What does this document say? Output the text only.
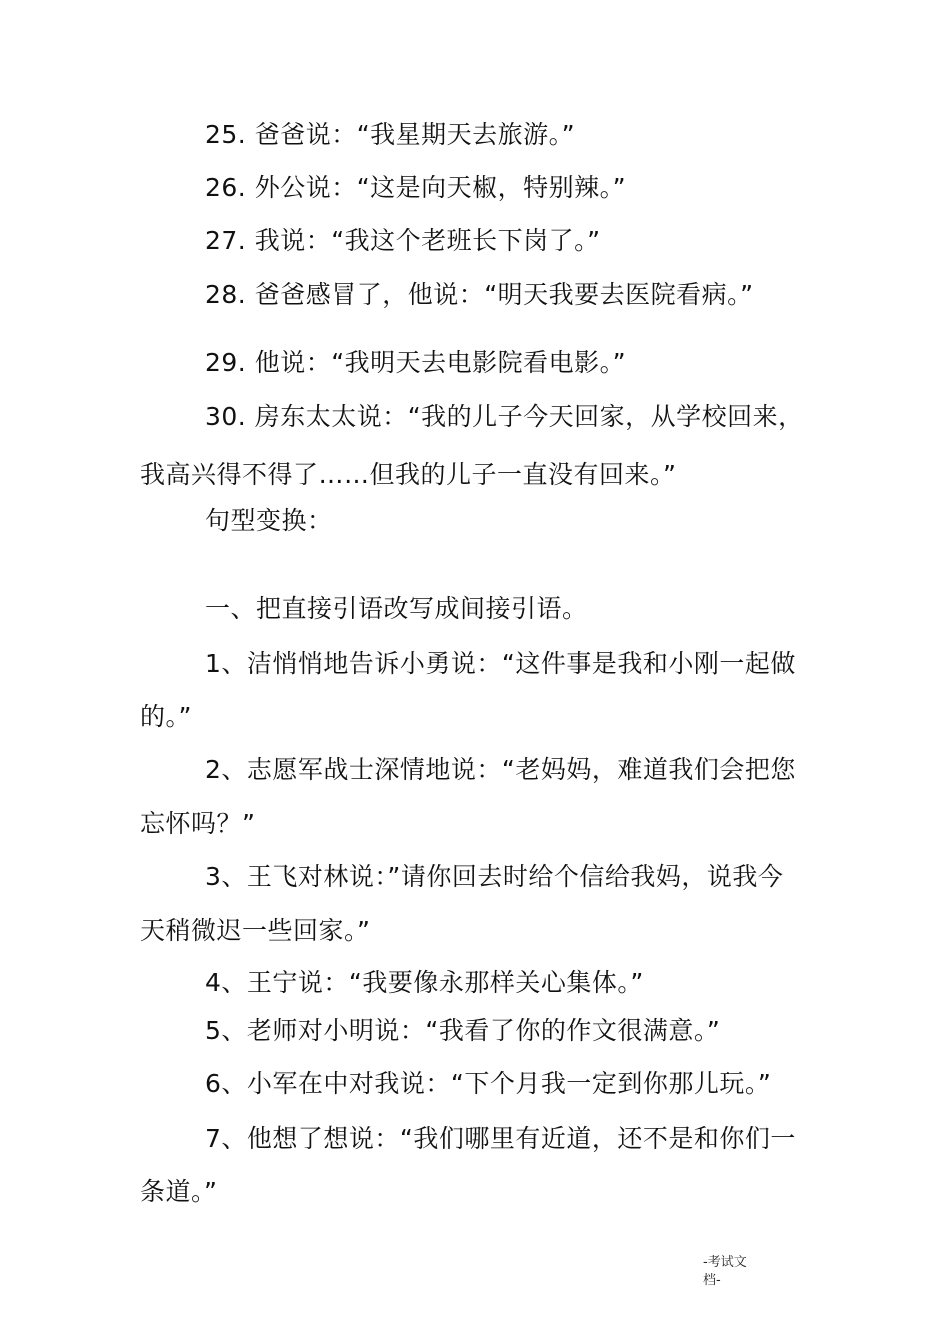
25. 爸爸说：“我星期天去旅游。”
26. 外公说：“这是向天椒，特别辣。”
27. 我说：“我这个老班长下岗了。”
28. 爸爸感冒了，他说：“明天我要去医院看病。”
29. 他说：“我明天去电影院看电影。”
30. 房东太太说：“我的儿子今天回家，从学校回来，
我高兴得不得了……但我的儿子一直没有回来。”
句型变换：
一、把直接引语改写成间接引语。
1、洁悄悄地告诉小勇说：“这件事是我和小刚一起做
的。”
2、志愿军战士深情地说：“老妈妈，难道我们会把您
忘怀吗？”
3、王飞对林说：”请你回去时给个信给我妈，说我今
天稍微迟一些回家。”
4、王宁说：“我要像永那样关心集体。”
5、老师对小明说：“我看了你的作文很满意。”
6、小军在中对我说：“下个月我一定到你那儿玩。”
7、他想了想说：“我们哪里有近道，还不是和你们一
条道。”
-考试文
档-
